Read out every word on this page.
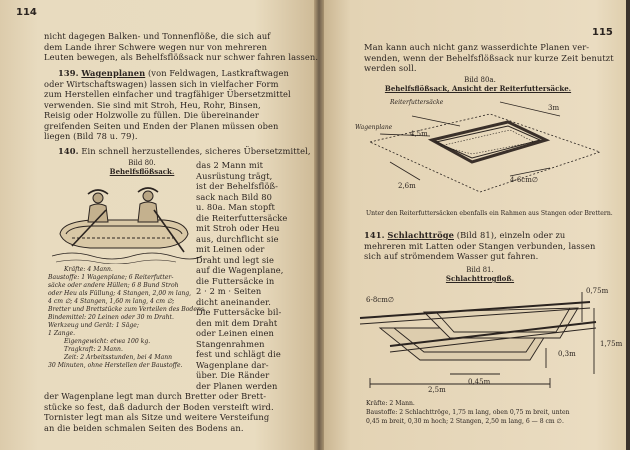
114
nicht dagegen Balken- und Tonnenflöße, die sich auf
dem Lande ihrer Schwere wegen nur von mehreren
Leuten bewegen, als Behelfsflößsack nur schwer fahren lassen.
139. Wagenplanen (von Feldwagen, Lastkraftwagen
oder Wirtschaftswagen) lassen sich in vielfacher Form
zum Herstellen einfacher und tragfähiger Übersetzmittel
verwenden. Sie sind mit Stroh, Heu, Rohr, Binsen,
Reisig oder Holzwolle zu füllen. Die übereinander
greifenden Seiten und Enden der Planen müssen oben
liegen (Bild 78 u. 79).
140. Ein schnell herzustellendes, sicheres Übersetzmittel,
Bild 80.
Behelfsflößsack.
das 2 Mann mit
Ausrüstung trägt,
ist der Behelfsflöß-
sack nach Bild 80
u. 80a. Man stopft
die Reiterfuttersäcke
mit Stroh oder Heu
aus, durchflicht sie
mit Leinen oder
Draht und legt sie
auf die Wagenplane,
die Futtersäcke in
2 · 2 m · Seiten
dicht aneinander.
Die Futtersäcke bil-
den mit dem Draht
oder Leinen einen
Stangenrahmen
fest und schlägt die
Wagenplane dar-
über. Die Ränder
der Planen werden
Kräfte: 4 Mann.
Baustoffe: 1 Wagenplane; 6 Reiterfutter-
säcke oder andere Hüllen; 6 8 Bund Stroh
oder Heu als Füllung; 4 Stangen, 2,00 m lang,
4 cm ∅; 4 Stangen, 1,60 m lang, 4 cm ∅;
Bretter und Brettstücke zum Verteilen des Bodens.
Bindemittel: 20 Leinen oder 30 m Draht.
Werkzeug und Gerät: 1 Säge;
1 Zange.
Eigengewicht: etwa 100 kg.
Tragkraft: 2 Mann.
Zeit: 2 Arbeitsstunden, bei 4 Mann
30 Minuten, ohne Herstellen der Baustoffe.
der Wagenplane legt man durch Bretter oder Brett-
stücke so fest, daß dadurch der Boden versteift wird.
Tornister legt man als Sitze und weitere Versteifung
an die beiden schmalen Seiten des Bodens an.
115
Man kann auch nicht ganz wasserdichte Planen ver-
wenden, wenn der Behelfsflößsack nur kurze Zeit benutzt
werden soll.
Bild 80a.
Behelfsflößsack, Ansicht der Reiterfuttersäcke.
Reiterfuttersäcke
Wagenplane
4,5m
3m
2,6m
4-6cm∅
Unter den Reiterfuttersäcken ebenfalls ein Rahmen aus Stangen oder Brettern.
141. Schlachttröge (Bild 81), einzeln oder zu
mehreren mit Latten oder Stangen verbunden, lassen
sich auf strömendem Wasser gut fahren.
Bild 81.
Schlachttrogfloß.
6-8cm∅
0,75m
1,75m
0,3m
0,45m
2,5m
Kräfte: 2 Mann.
Baustoffe: 2 Schlachttröge, 1,75 m lang, oben 0,75 m breit, unten
0,45 m breit, 0,30 m hoch; 2 Stangen, 2,50 m lang, 6 — 8 cm ∅.
